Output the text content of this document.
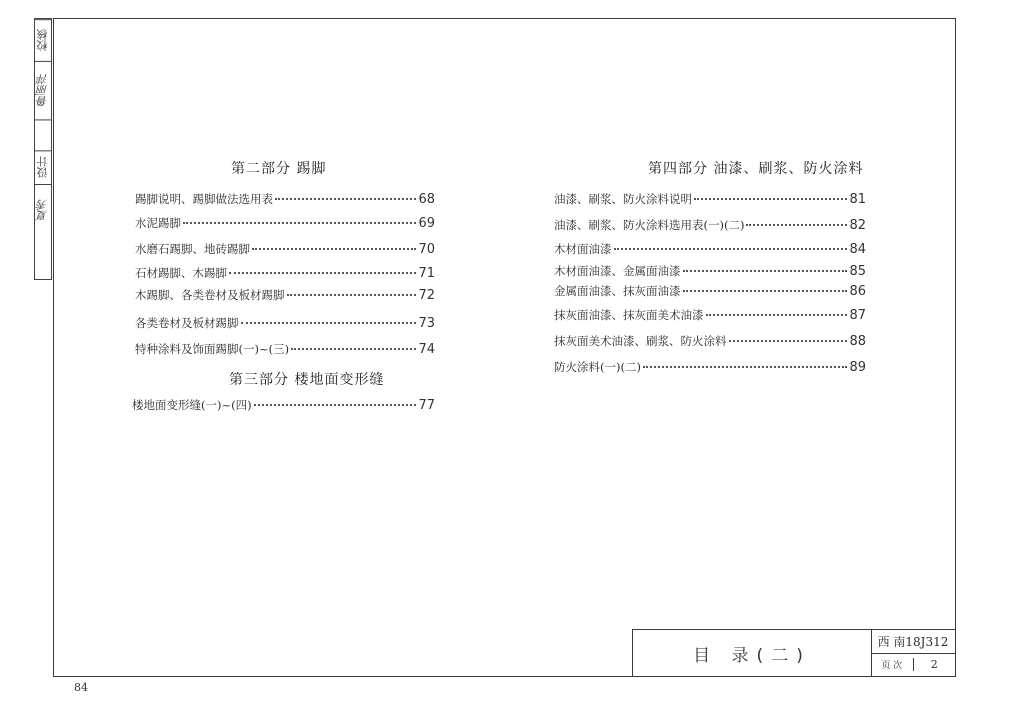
校核
鲁丽萍
设计
夏秀
第二部分 踢脚
踢脚说明、踢脚做法选用表	68
水泥踢脚	69
水磨石踢脚、地砖踢脚	70
石材踢脚、木踢脚	71
木踢脚、各类卷材及板材踢脚	72
各类卷材及板材踢脚	73
特种涂料及饰面踢脚(一)~(三)	74
第三部分 楼地面变形缝
楼地面变形缝(一)~(四)	77
第四部分 油漆、刷浆、防火涂料
油漆、刷浆、防火涂料说明	81
油漆、刷浆、防火涂料选用表(一)(二)	82
木材面油漆	84
木材面油漆、金属面油漆	85
金属面油漆、抹灰面油漆	86
抹灰面油漆、抹灰面美术油漆	87
抹灰面美术油漆、刷浆、防火涂料	88
防火涂料(一)(二)	89
目 录(二)
西 南18J312
页 次	2
84
